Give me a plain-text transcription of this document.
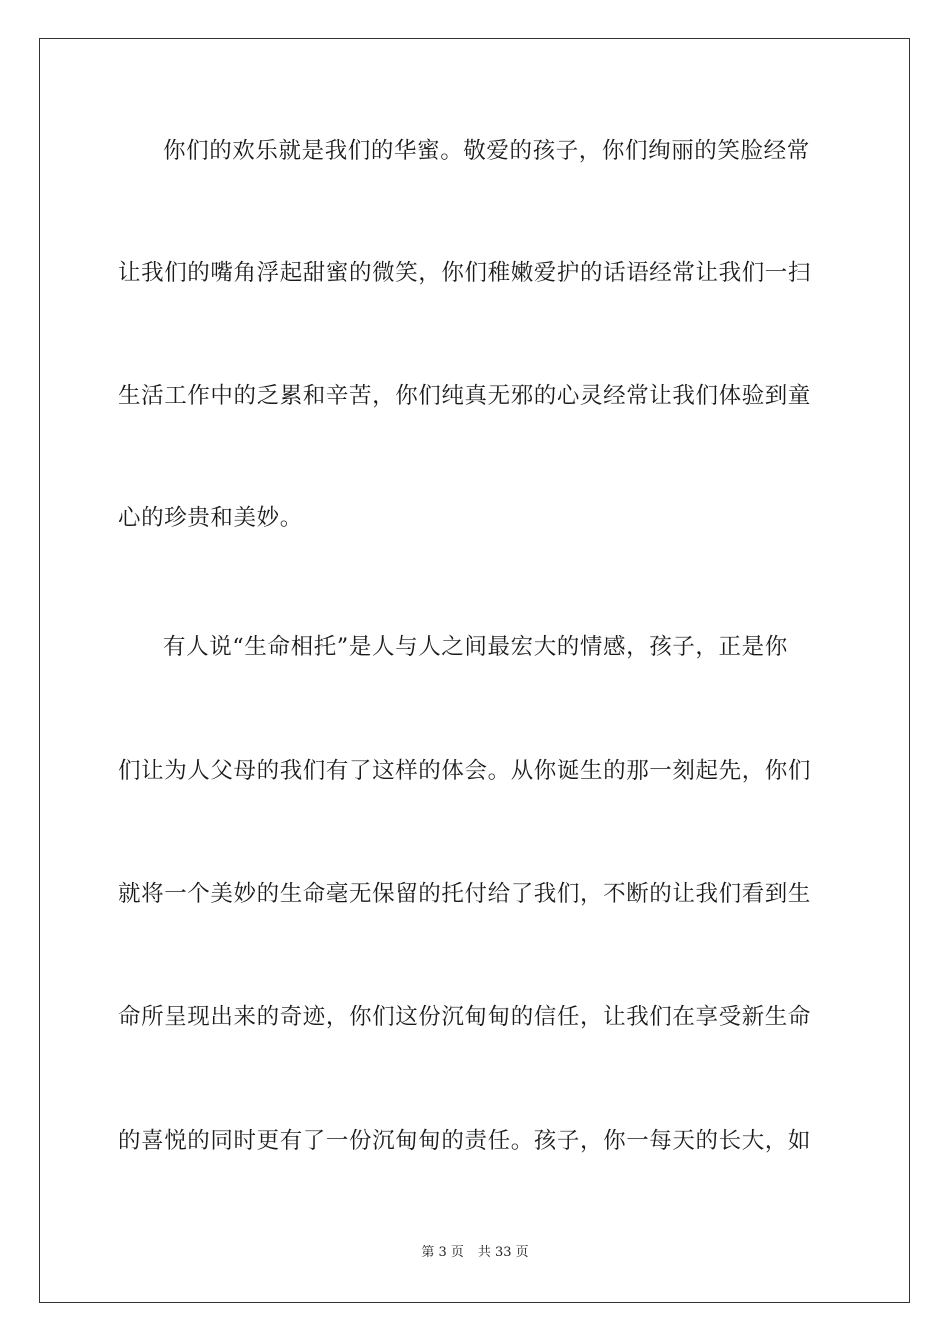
你们的欢乐就是我们的华蜜。敬爱的孩子，你们绚丽的笑脸经常
让我们的嘴角浮起甜蜜的微笑，你们稚嫩爱护的话语经常让我们一扫
生活工作中的乏累和辛苦，你们纯真无邪的心灵经常让我们体验到童
心的珍贵和美妙。
有人说“生命相托”是人与人之间最宏大的情感，孩子，正是你
们让为人父母的我们有了这样的体会。从你诞生的那一刻起先，你们
就将一个美妙的生命毫无保留的托付给了我们，不断的让我们看到生
命所呈现出来的奇迹，你们这份沉甸甸的信任，让我们在享受新生命
的喜悦的同时更有了一份沉甸甸的责任。孩子，你一每天的长大，如
第 3 页 共 33 页
